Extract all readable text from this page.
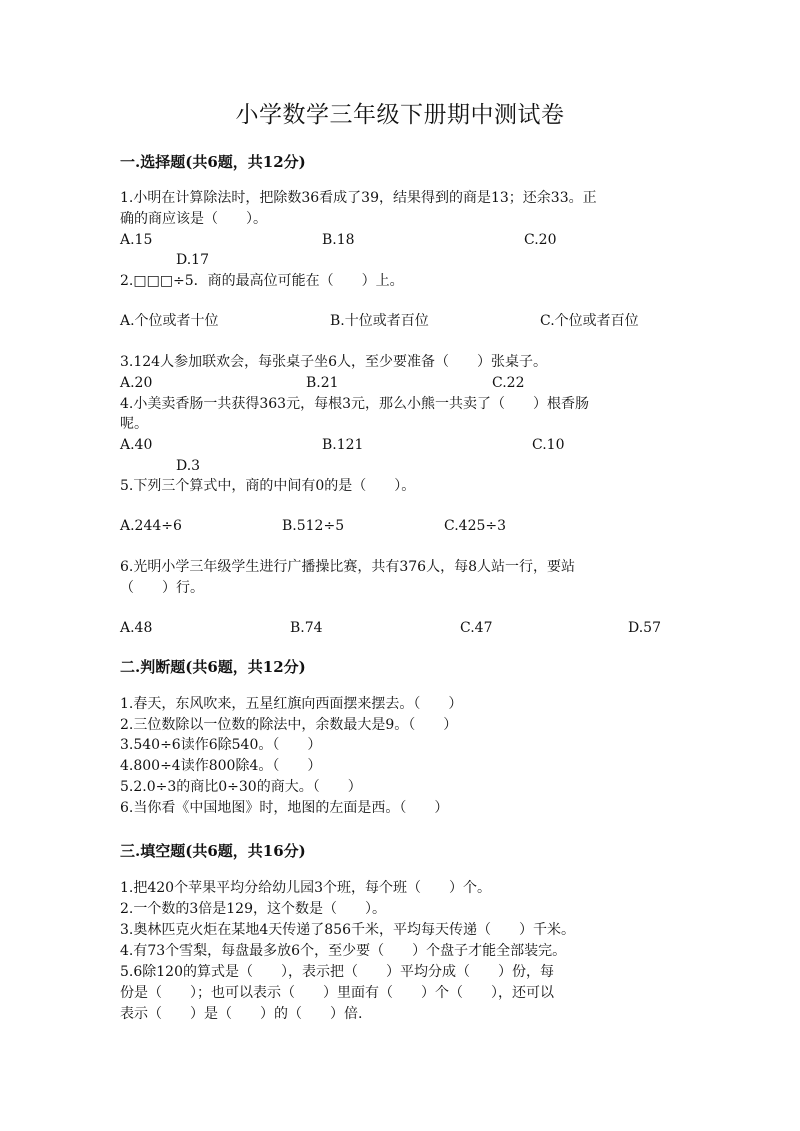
小学数学三年级下册期中测试卷
一.选择题(共6题，共12分)
1.小明在计算除法时，把除数36看成了39，结果得到的商是13；还余33。正
确的商应该是（　　）。
A.15	B.18	C.20
D.17
2.□□□÷5．商的最高位可能在（　　）上。
A.个位或者十位	B.十位或者百位	C.个位或者百位
3.124人参加联欢会，每张桌子坐6人，至少要准备（　　）张桌子。
A.20	B.21	C.22
4.小美卖香肠一共获得363元，每根3元，那么小熊一共卖了（　　）根香肠
呢。
A.40	B.121	C.10
D.3
5.下列三个算式中，商的中间有0的是（　　）。
A.244÷6	B.512÷5	C.425÷3
6.光明小学三年级学生进行广播操比赛，共有376人，每8人站一行，要站
（　　）行。
A.48	B.74	C.47	D.57
二.判断题(共6题，共12分)
1.春天，东风吹来，五星红旗向西面摆来摆去。（　　）
2.三位数除以一位数的除法中，余数最大是9。（　　）
3.540÷6读作6除540。（　　）
4.800÷4读作800除4。（　　）
5.2.0÷3的商比0÷30的商大。（　　）
6.当你看《中国地图》时，地图的左面是西。（　　）
三.填空题(共6题，共16分)
1.把420个苹果平均分给幼儿园3个班，每个班（　　）个。
2.一个数的3倍是129，这个数是（　　）。
3.奥林匹克火炬在某地4天传递了856千米，平均每天传递（　　）千米。
4.有73个雪梨，每盘最多放6个，至少要（　　）个盘子才能全部装完。
5.6除120的算式是（　　），表示把（　　）平均分成（　　）份，每
份是（　　）；也可以表示（　　）里面有（　　）个（　　），还可以
表示（　　）是（　　）的（　　）倍.
